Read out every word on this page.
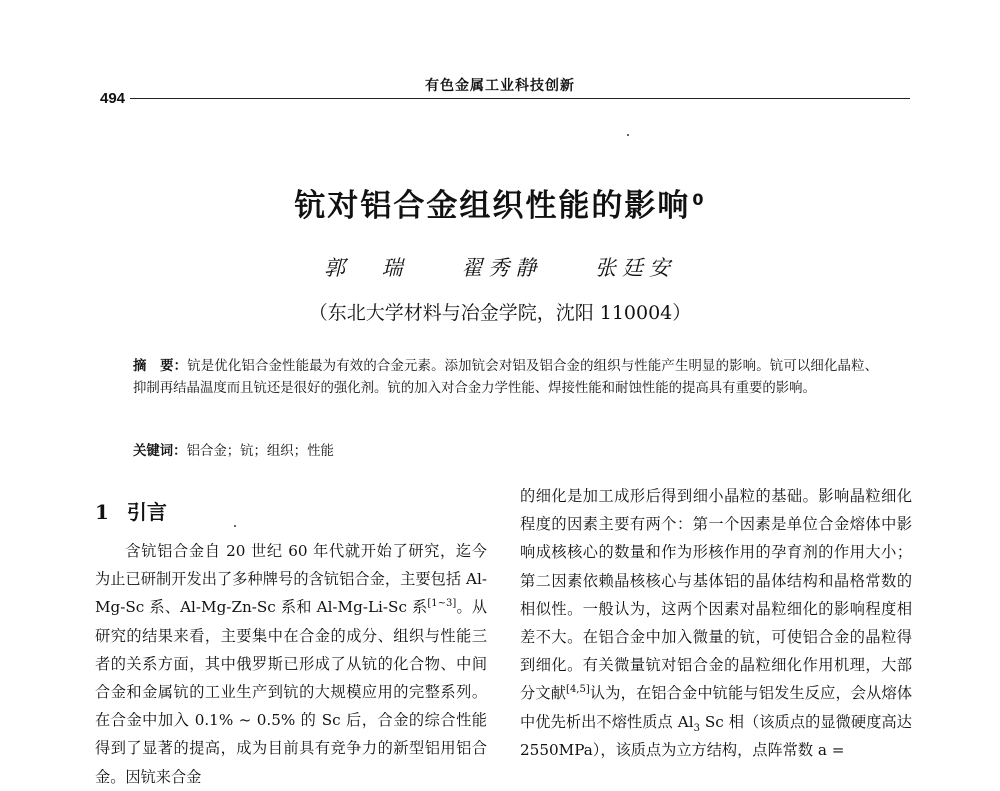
494
有色金属工业科技创新
钪对铝合金组织性能的影响 $^0$
郭 瑞	翟秀静	张廷安
（东北大学材料与冶金学院，沈阳 110004）
摘　要：钪是优化铝合金性能最为有效的合金元素。添加钪会对铝及铝合金的组织与性能产生明显的影响。钪可以细化晶粒、抑制再结晶温度而且钪还是很好的强化剂。钪的加入对合金力学性能、焊接性能和耐蚀性能的提高具有重要的影响。
关键词：铝合金；钪；组织；性能
1 引言
含钪铝合金自 20 世纪 60 年代就开始了研究，迄今为止已研制开发出了多种牌号的含钪铝合金，主要包括 Al-Mg-Sc 系、Al-Mg-Zn-Sc 系和 Al-Mg-Li-Sc 系[1~3]。从研究的结果来看，主要集中在合金的成分、组织与性能三者的关系方面，其中俄罗斯已形成了从钪的化合物、中间合金和金属钪的工业生产到钪的大规模应用的完整系列。在合金中加入 0.1% ~ 0.5% 的 Sc 后，合金的综合性能得到了显著的提高，成为目前具有竞争力的新型铝用铝合金。因钪来合金
的细化是加工成形后得到细小晶粒的基础。影响晶粒细化程度的因素主要有两个：第一个因素是单位合金熔体中影响成核核心的数量和作为形核作用的孕育剂的作用大小；第二因素依赖晶核核心与基体铝的晶体结构和晶格常数的相似性。一般认为，这两个因素对晶粒细化的影响程度相差不大。在铝合金中加入微量的钪，可使铝合金的晶粒得到细化。有关微量钪对铝合金的晶粒细化作用机理，大部分文献[4,5]认为，在铝合金中钪能与铝发生反应，会从熔体中优先析出不熔性质点 $Al_3$ Sc 相（该质点的显微硬度高达 2550MPa），该质点为立方结构，点阵常数 a =
